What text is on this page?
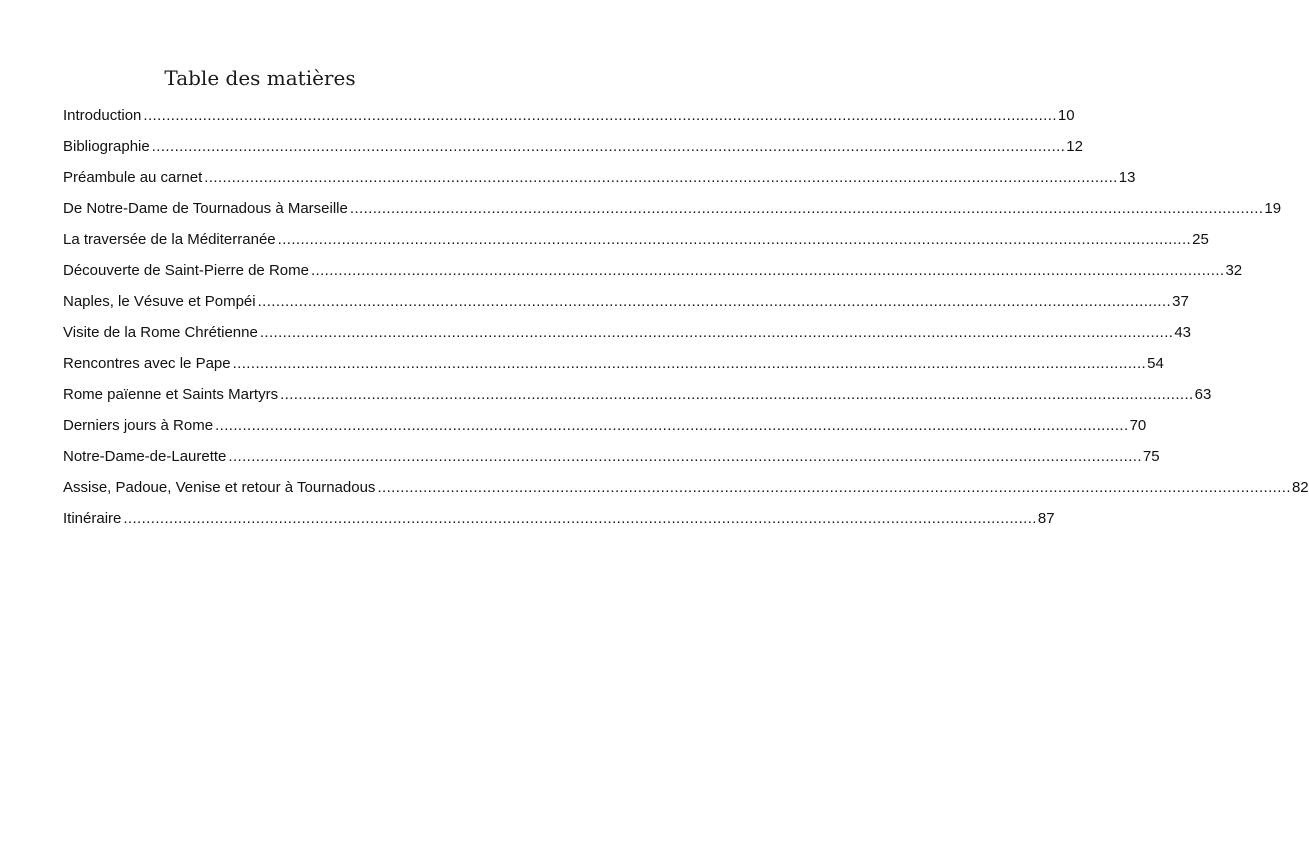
Table des matières
Introduction ........................................................................................................................................................................................................ 10
Bibliographie ........................................................................................................................................................................................................ 12
Préambule au carnet ........................................................................................................................................................................................................ 13
De Notre-Dame de Tournadous à Marseille ........................................................................................................................................................................................................ 19
La traversée de la Méditerranée ........................................................................................................................................................................................................ 25
Découverte de Saint-Pierre de Rome ........................................................................................................................................................................................................ 32
Naples, le Vésuve et Pompéi ........................................................................................................................................................................................................ 37
Visite de la Rome Chrétienne ........................................................................................................................................................................................................ 43
Rencontres avec le Pape ........................................................................................................................................................................................................ 54
Rome païenne et Saints Martyrs ........................................................................................................................................................................................................ 63
Derniers jours à Rome ........................................................................................................................................................................................................ 70
Notre-Dame-de-Laurette ........................................................................................................................................................................................................ 75
Assise, Padoue, Venise et retour à Tournadous ........................................................................................................................................................................................................ 82
Itinéraire ........................................................................................................................................................................................................ 87
